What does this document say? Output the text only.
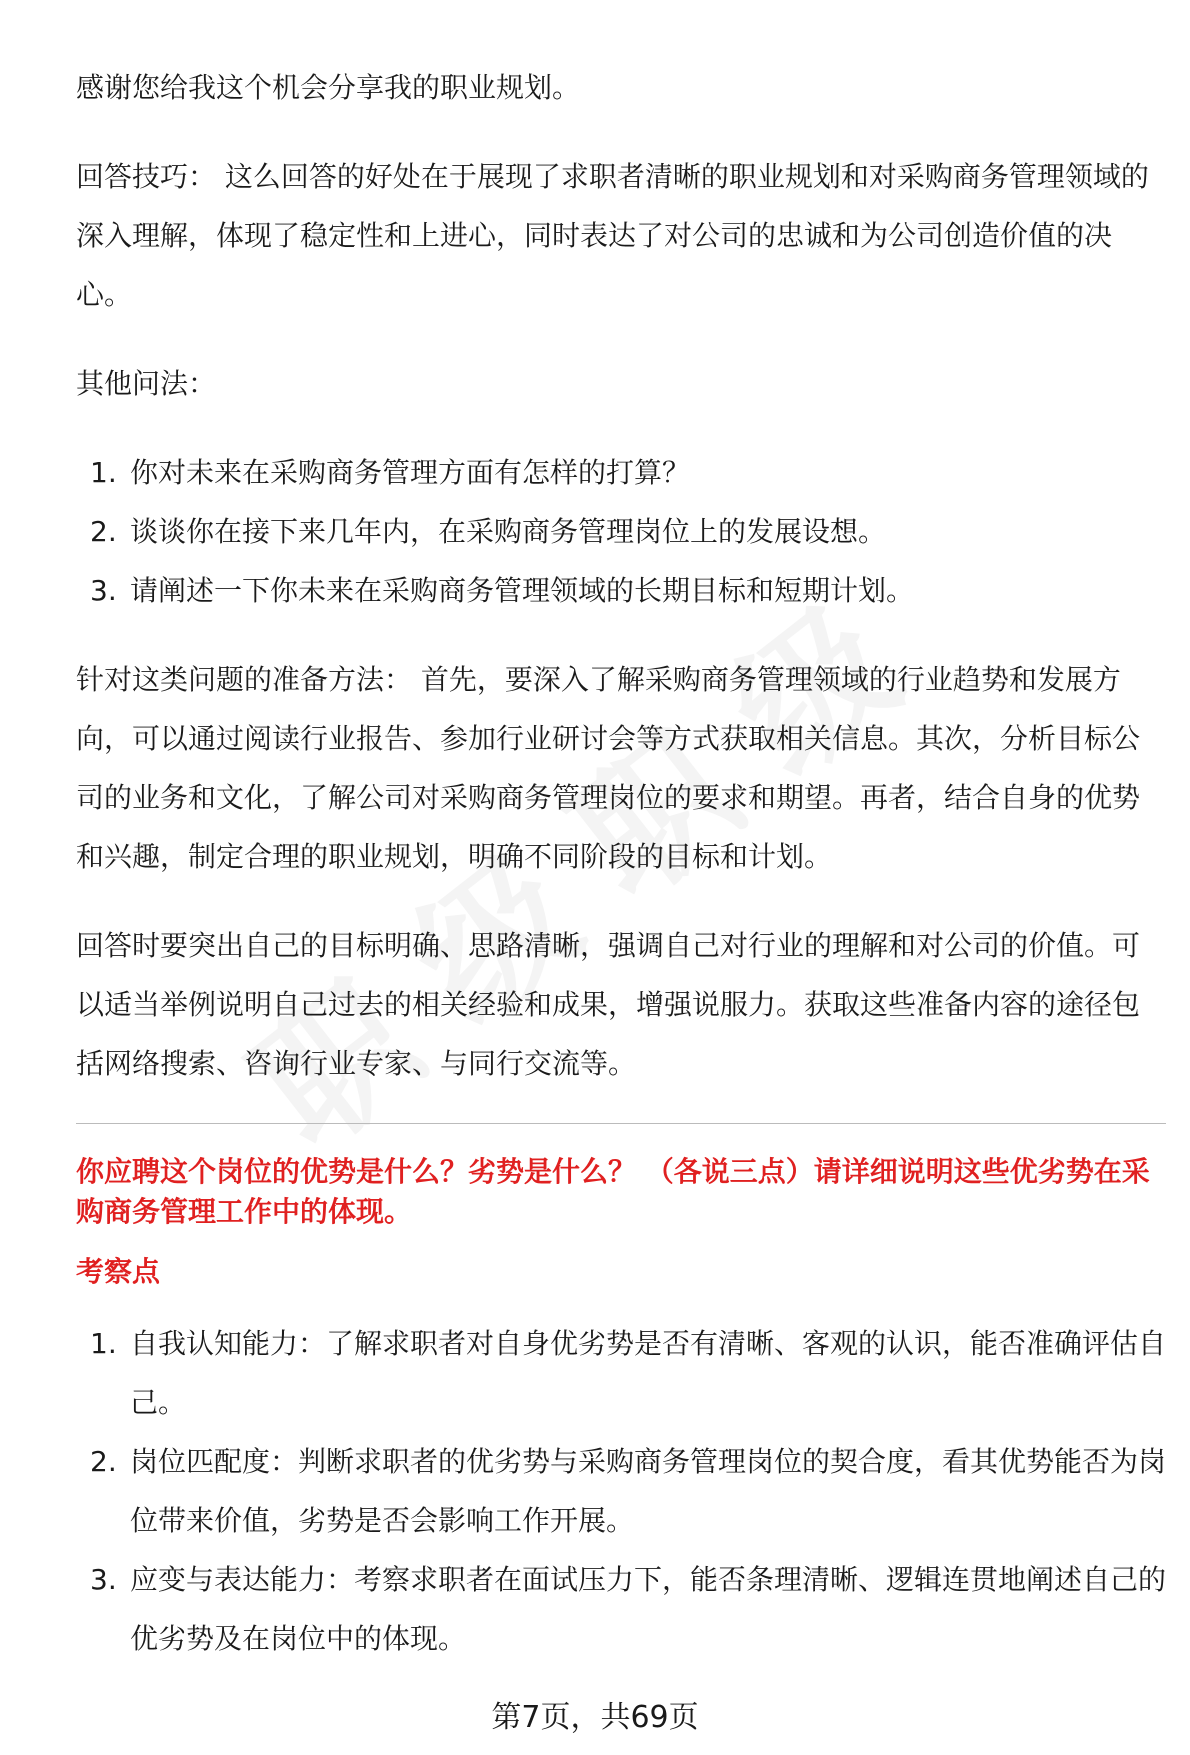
感谢您给我这个机会分享我的职业规划。

回答技巧： 这么回答的好处在于展现了求职者清晰的职业规划和对采购商务管理领域的深入理解，体现了稳定性和上进心，同时表达了对公司的忠诚和为公司创造价值的决心。

其他问法：

1. 你对未来在采购商务管理方面有怎样的打算？
2. 谈谈你在接下来几年内，在采购商务管理岗位上的发展设想。
3. 请阐述一下你未来在采购商务管理领域的长期目标和短期计划。

针对这类问题的准备方法： 首先，要深入了解采购商务管理领域的行业趋势和发展方向，可以通过阅读行业报告、参加行业研讨会等方式获取相关信息。其次，分析目标公司的业务和文化，了解公司对采购商务管理岗位的要求和期望。再者，结合自身的优势和兴趣，制定合理的职业规划，明确不同阶段的目标和计划。

回答时要突出自己的目标明确、思路清晰，强调自己对行业的理解和对公司的价值。可以适当举例说明自己过去的相关经验和成果，增强说服力。获取这些准备内容的途径包括网络搜索、咨询行业专家、与同行交流等。

你应聘这个岗位的优势是什么？劣势是什么？ （各说三点）请详细说明这些优劣势在采购商务管理工作中的体现。
考察点
1. 自我认知能力：了解求职者对自身优劣势是否有清晰、客观的认识，能否准确评估自己。
2. 岗位匹配度：判断求职者的优劣势与采购商务管理岗位的契合度，看其优势能否为岗位带来价值，劣势是否会影响工作开展。
3. 应变与表达能力：考察求职者在面试压力下，能否条理清晰、逻辑连贯地阐述自己的优劣势及在岗位中的体现。
第7页，共69页
